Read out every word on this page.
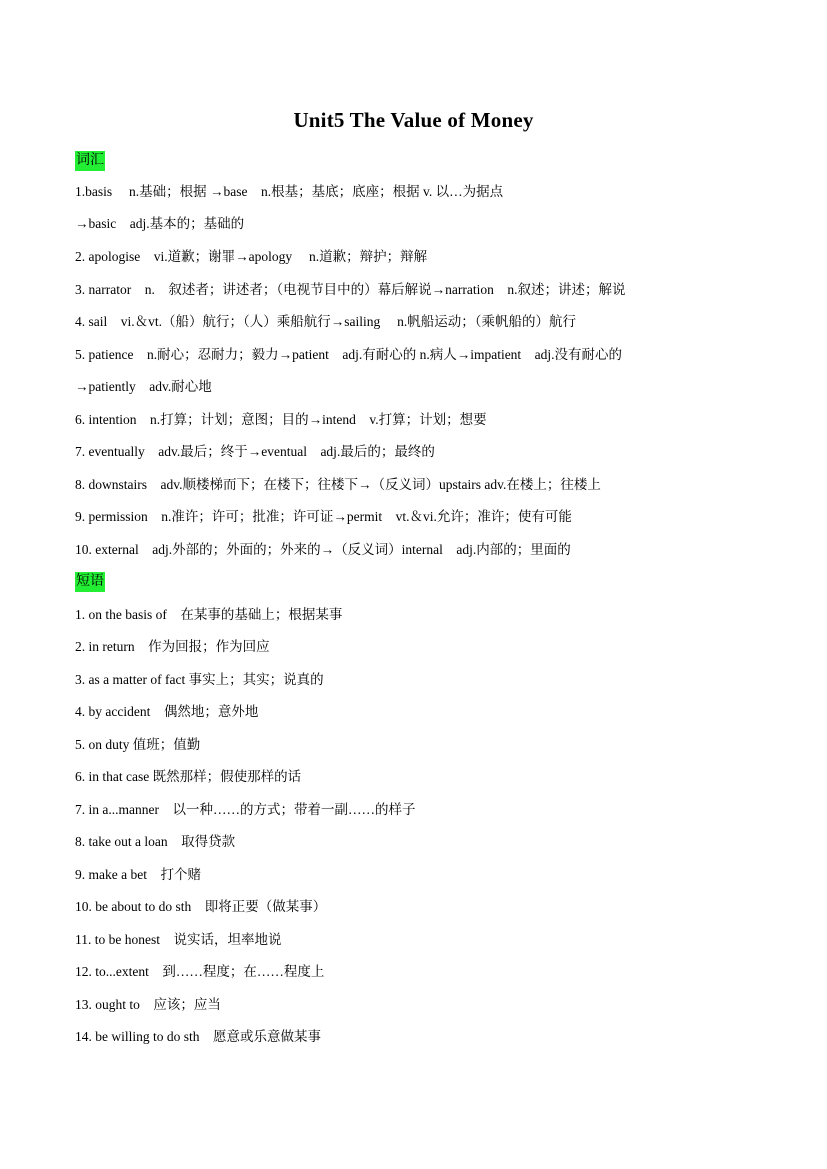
Unit5 The Value of Money
词汇
1.basis　 n.基础；根据 →base　n.根基；基底；底座；根据 v. 以…为据点
→basic　adj.基本的；基础的
2. apologise　vi.道歉；谢罪→apology　 n.道歉；辩护；辩解
3. narrator　n.　叙述者；讲述者；（电视节目中的）幕后解说→narration　n.叙述；讲述；解说
4. sail　vi.＆vt.（船）航行；（人）乘船航行→sailing　 n.帆船运动；（乘帆船的）航行
5. patience　n.耐心；忍耐力；毅力→patient　adj.有耐心的 n.病人→impatient　adj.没有耐心的
→patiently　adv.耐心地
6. intention　n.打算；计划；意图；目的→intend　v.打算；计划；想要
7. eventually　adv.最后；终于→eventual　adj.最后的；最终的
8. downstairs　adv.顺楼梯而下；在楼下；往楼下→（反义词）upstairs adv.在楼上；往楼上
9. permission　n.准许；许可；批准；许可证→permit　vt.＆vi.允许；准许；使有可能
10. external　adj.外部的；外面的；外来的→（反义词）internal　adj.内部的；里面的
短语
1. on the basis of　在某事的基础上；根据某事
2. in return　作为回报；作为回应
3. as a matter of fact 事实上；其实；说真的
4. by accident　偶然地；意外地
5. on duty 值班；值勤
6. in that case 既然那样；假使那样的话
7. in a...manner　以一种……的方式；带着一副……的样子
8. take out a loan　取得贷款
9. make a bet　打个赌
10. be about to do sth　即将正要（做某事）
11. to be honest　说实话，坦率地说
12. to...extent　到……程度；在……程度上
13. ought to　应该；应当
14. be willing to do sth　愿意或乐意做某事
